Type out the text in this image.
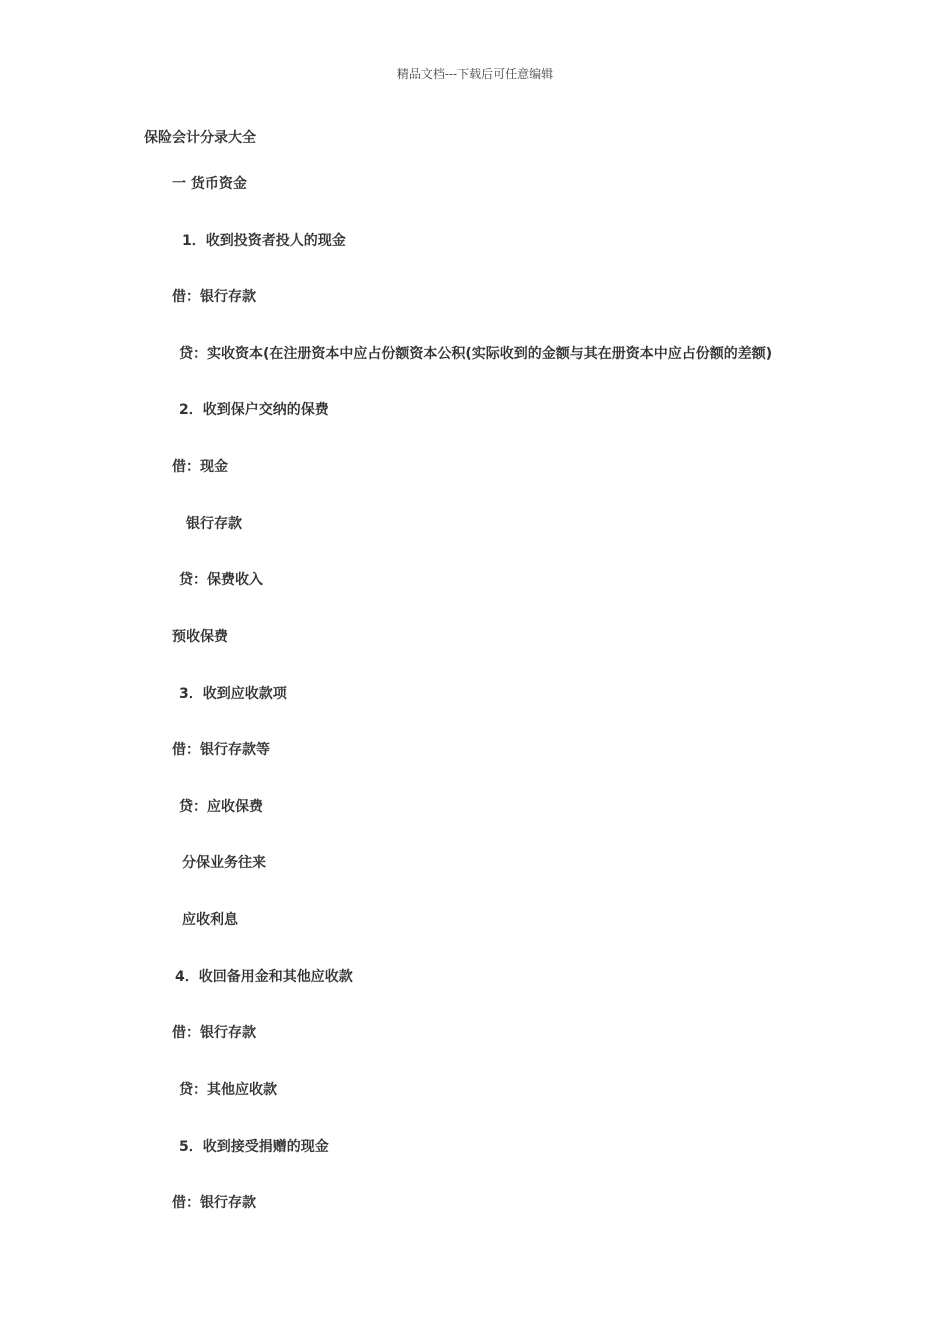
精品文档---下载后可任意编辑
保险会计分录大全
一 货币资金
1．收到投资者投人的现金
借：银行存款
贷：实收资本(在注册资本中应占份额资本公积(实际收到的金额与其在册资本中应占份额的差额)
2．收到保户交纳的保费
借：现金
银行存款
贷：保费收入
预收保费
3．收到应收款项
借：银行存款等
贷：应收保费
分保业务往来
应收利息
4．收回备用金和其他应收款
借：银行存款
贷：其他应收款
5．收到接受捐赠的现金
借：银行存款
